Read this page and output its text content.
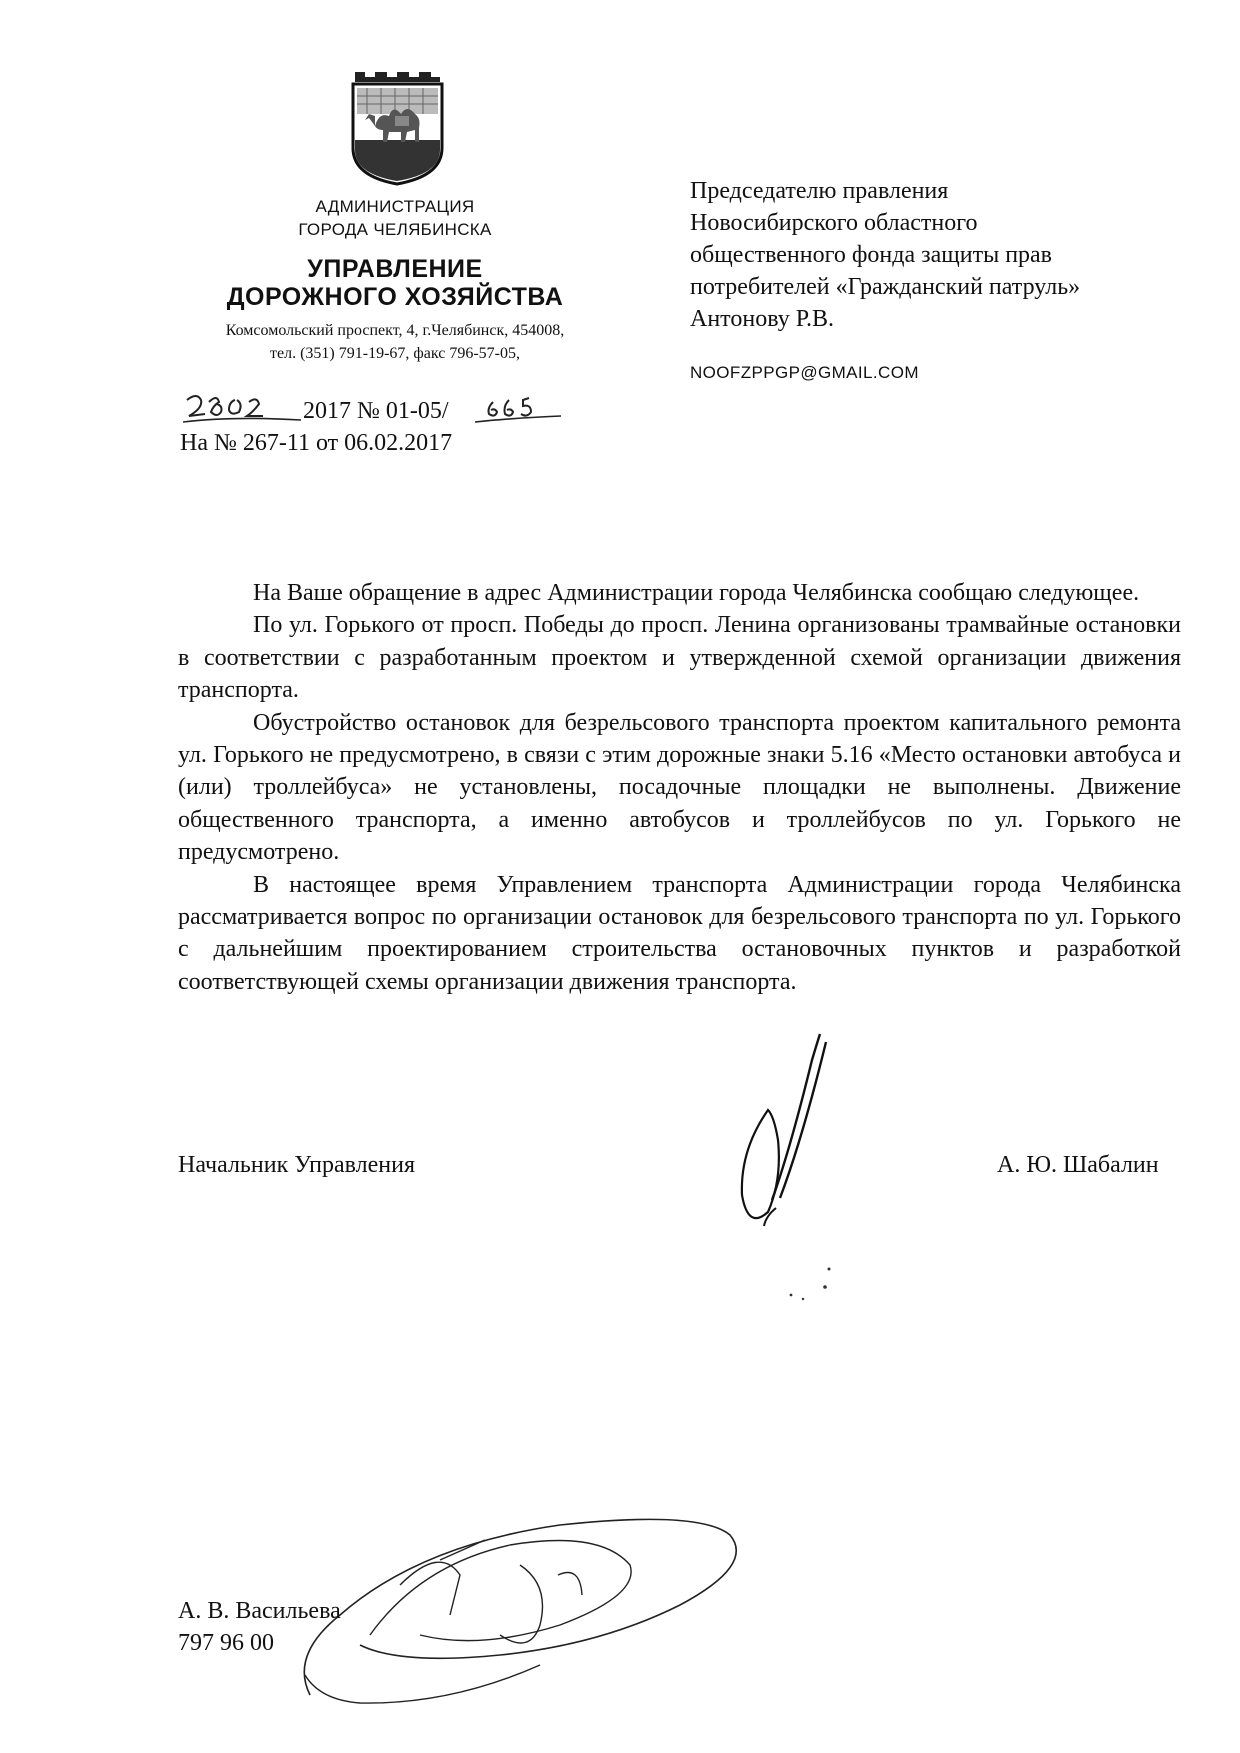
АДМИНИСТРАЦИЯ
ГОРОДА ЧЕЛЯБИНСКА
УПРАВЛЕНИЕ
ДОРОЖНОГО ХОЗЯЙСТВА
Комсомольский проспект, 4, г.Челябинск, 454008,
тел. (351) 791-19-67, факс 796-57-05,
2017 № 01-05/
На № 267-11 от 06.02.2017
Председателю правления
Новосибирского областного
общественного фонда защиты прав
потребителей «Гражданский патруль»
Антонову Р.В.
NOOFZPPGP@GMAIL.COM

На Ваше обращение в адрес Администрации города Челябинска сообщаю следующее.

По ул. Горького от просп. Победы до просп. Ленина организованы трамвайные остановки в соответствии с разработанным проектом и утвержденной схемой организации движения транспорта.

Обустройство остановок для безрельсового транспорта проектом капитального ремонта ул. Горького не предусмотрено, в связи с этим дорожные знаки 5.16 «Место остановки автобуса и (или) троллейбуса» не установлены, посадочные площадки не выполнены. Движение общественного транспорта, а именно автобусов и троллейбусов по ул. Горького не предусмотрено.

В настоящее время Управлением транспорта Администрации города Челябинска рассматривается вопрос по организации остановок для безрельсового транспорта по ул. Горького с дальнейшим проектированием строительства остановочных пунктов и разработкой соответствующей схемы организации движения транспорта.

Начальник Управления	А. Ю. Шабалин
А. В. Васильева
797 96 00
